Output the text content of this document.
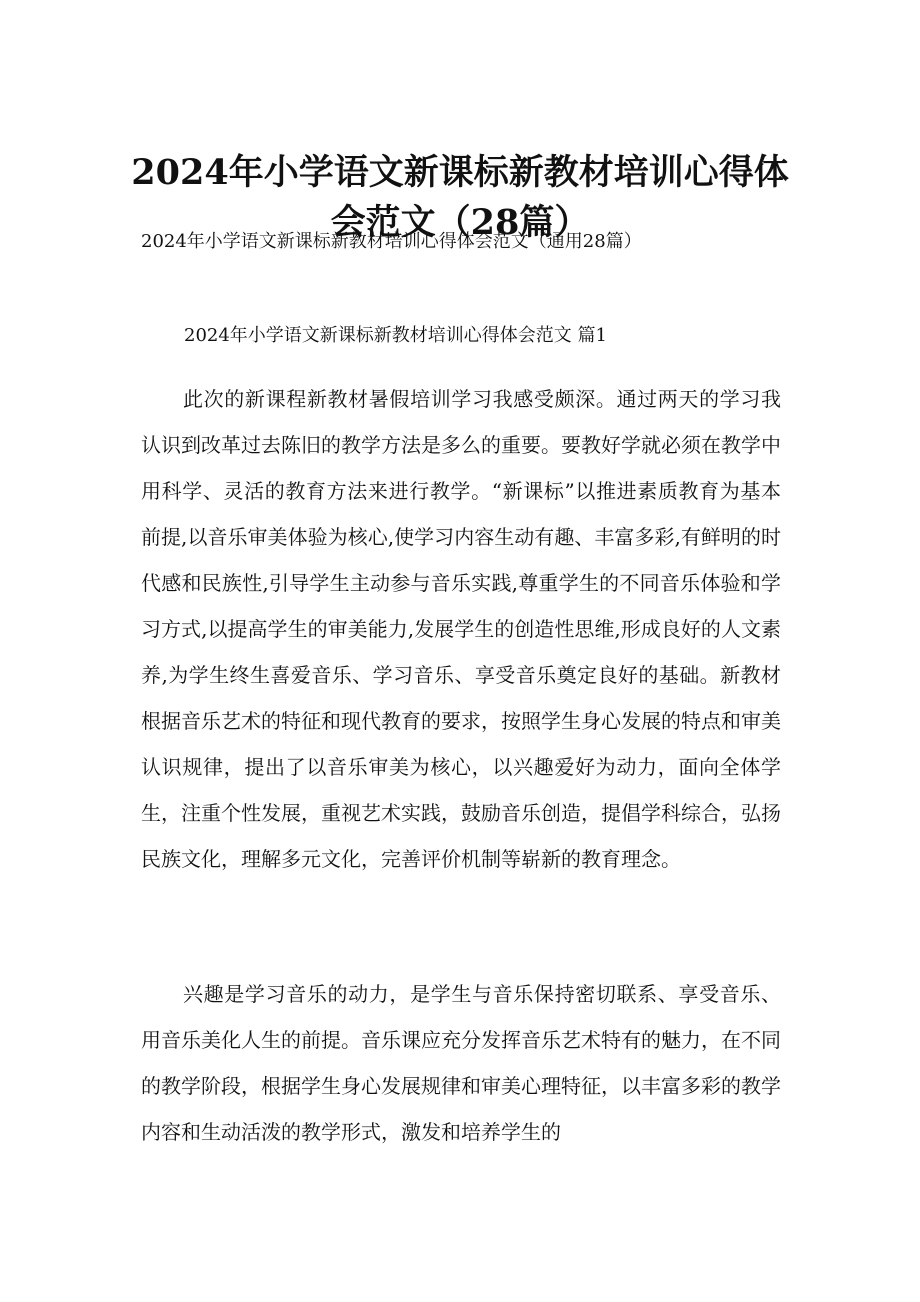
2024年小学语文新课标新教材培训心得体会范文（28篇）
2024年小学语文新课标新教材培训心得体会范文（通用28篇）
2024年小学语文新课标新教材培训心得体会范文 篇1

此次的新课程新教材暑假培训学习我感受颇深。通过两天的学习我认识到改革过去陈旧的教学方法是多么的重要。要教好学就必须在教学中用科学、灵活的教育方法来进行教学。“新课标”以推进素质教育为基本前提,以音乐审美体验为核心,使学习内容生动有趣、丰富多彩,有鲜明的时代感和民族性,引导学生主动参与音乐实践,尊重学生的不同音乐体验和学习方式,以提高学生的审美能力,发展学生的创造性思维,形成良好的人文素养,为学生终生喜爱音乐、学习音乐、享受音乐奠定良好的基础。新教材根据音乐艺术的特征和现代教育的要求，按照学生身心发展的特点和审美认识规律，提出了以音乐审美为核心，以兴趣爱好为动力，面向全体学生，注重个性发展，重视艺术实践，鼓励音乐创造，提倡学科综合，弘扬民族文化，理解多元文化，完善评价机制等崭新的教育理念。

兴趣是学习音乐的动力，是学生与音乐保持密切联系、享受音乐、用音乐美化人生的前提。音乐课应充分发挥音乐艺术特有的魅力，在不同的教学阶段，根据学生身心发展规律和审美心理特征，以丰富多彩的教学内容和生动活泼的教学形式，激发和培养学生的
